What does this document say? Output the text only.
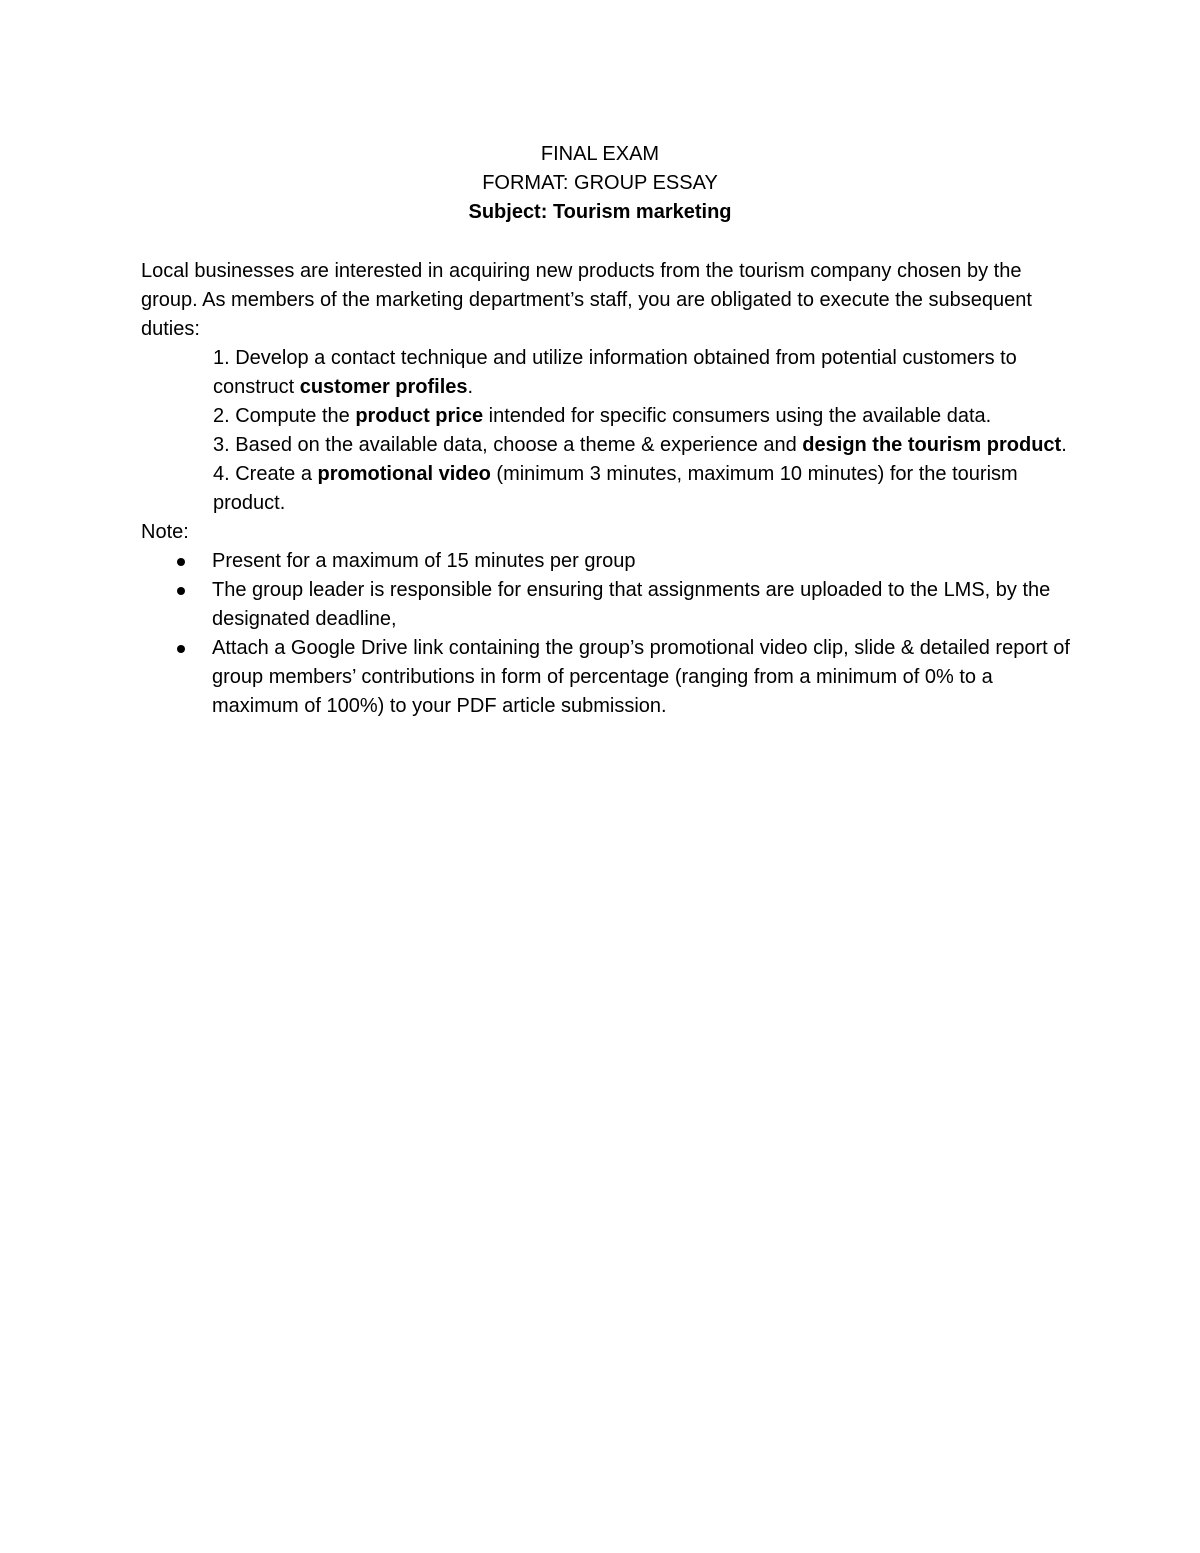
FINAL EXAM
FORMAT: GROUP ESSAY
Subject: Tourism marketing

Local businesses are interested in acquiring new products from the tourism company chosen by the group. As members of the marketing department’s staff, you are obligated to execute the subsequent duties:

1. Develop a contact technique and utilize information obtained from potential customers to construct customer profiles.
2. Compute the product price intended for specific consumers using the available data.
3. Based on the available data, choose a theme & experience and design the tourism product.
4. Create a promotional video (minimum 3 minutes, maximum 10 minutes) for the tourism product.

Note:

Present for a maximum of 15 minutes per group
The group leader is responsible for ensuring that assignments are uploaded to the LMS, by the designated deadline,
Attach a Google Drive link containing the group’s promotional video clip, slide & detailed report of group members’ contributions in form of percentage (ranging from a minimum of 0% to a maximum of 100%) to your PDF article submission.
